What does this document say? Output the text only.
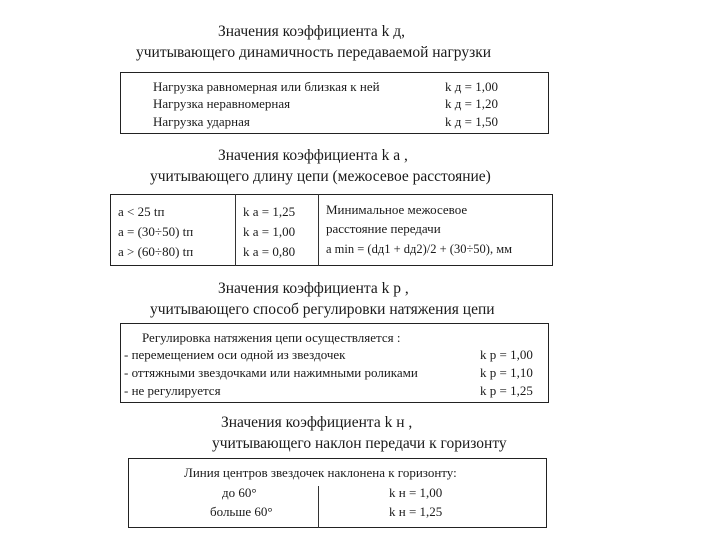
Значения коэффициента k д,
учитывающего динамичность передаваемой нагрузки
Нагрузка равномерная или близкая к ней	k д = 1,00
Нагрузка неравномерная	k д = 1,20
Нагрузка ударная	k д = 1,50
Значения коэффициента k а ,
учитывающего длину цепи (межосевое расстояние)
a < 25 tп	k а = 1,25
a = (30÷50) tп	k а = 1,00
a > (60÷80) tп	k а = 0,80
Минимальное межосевое
расстояние передачи
a min = (dд1 + dд2)/2 + (30÷50), мм
Значения коэффициента k р ,
учитывающего способ регулировки натяжения цепи
Регулировка натяжения цепи осуществляется :
- перемещением оси одной из звездочек	k р = 1,00
- оттяжными звездочками или нажимными роликами	k р = 1,10
- не регулируется	k р = 1,25
Значения коэффициента k н ,
учитывающего наклон передачи к горизонту
Линия центров звездочек наклонена к горизонту:
до 60°	k н = 1,00
больше 60°	k н = 1,25
